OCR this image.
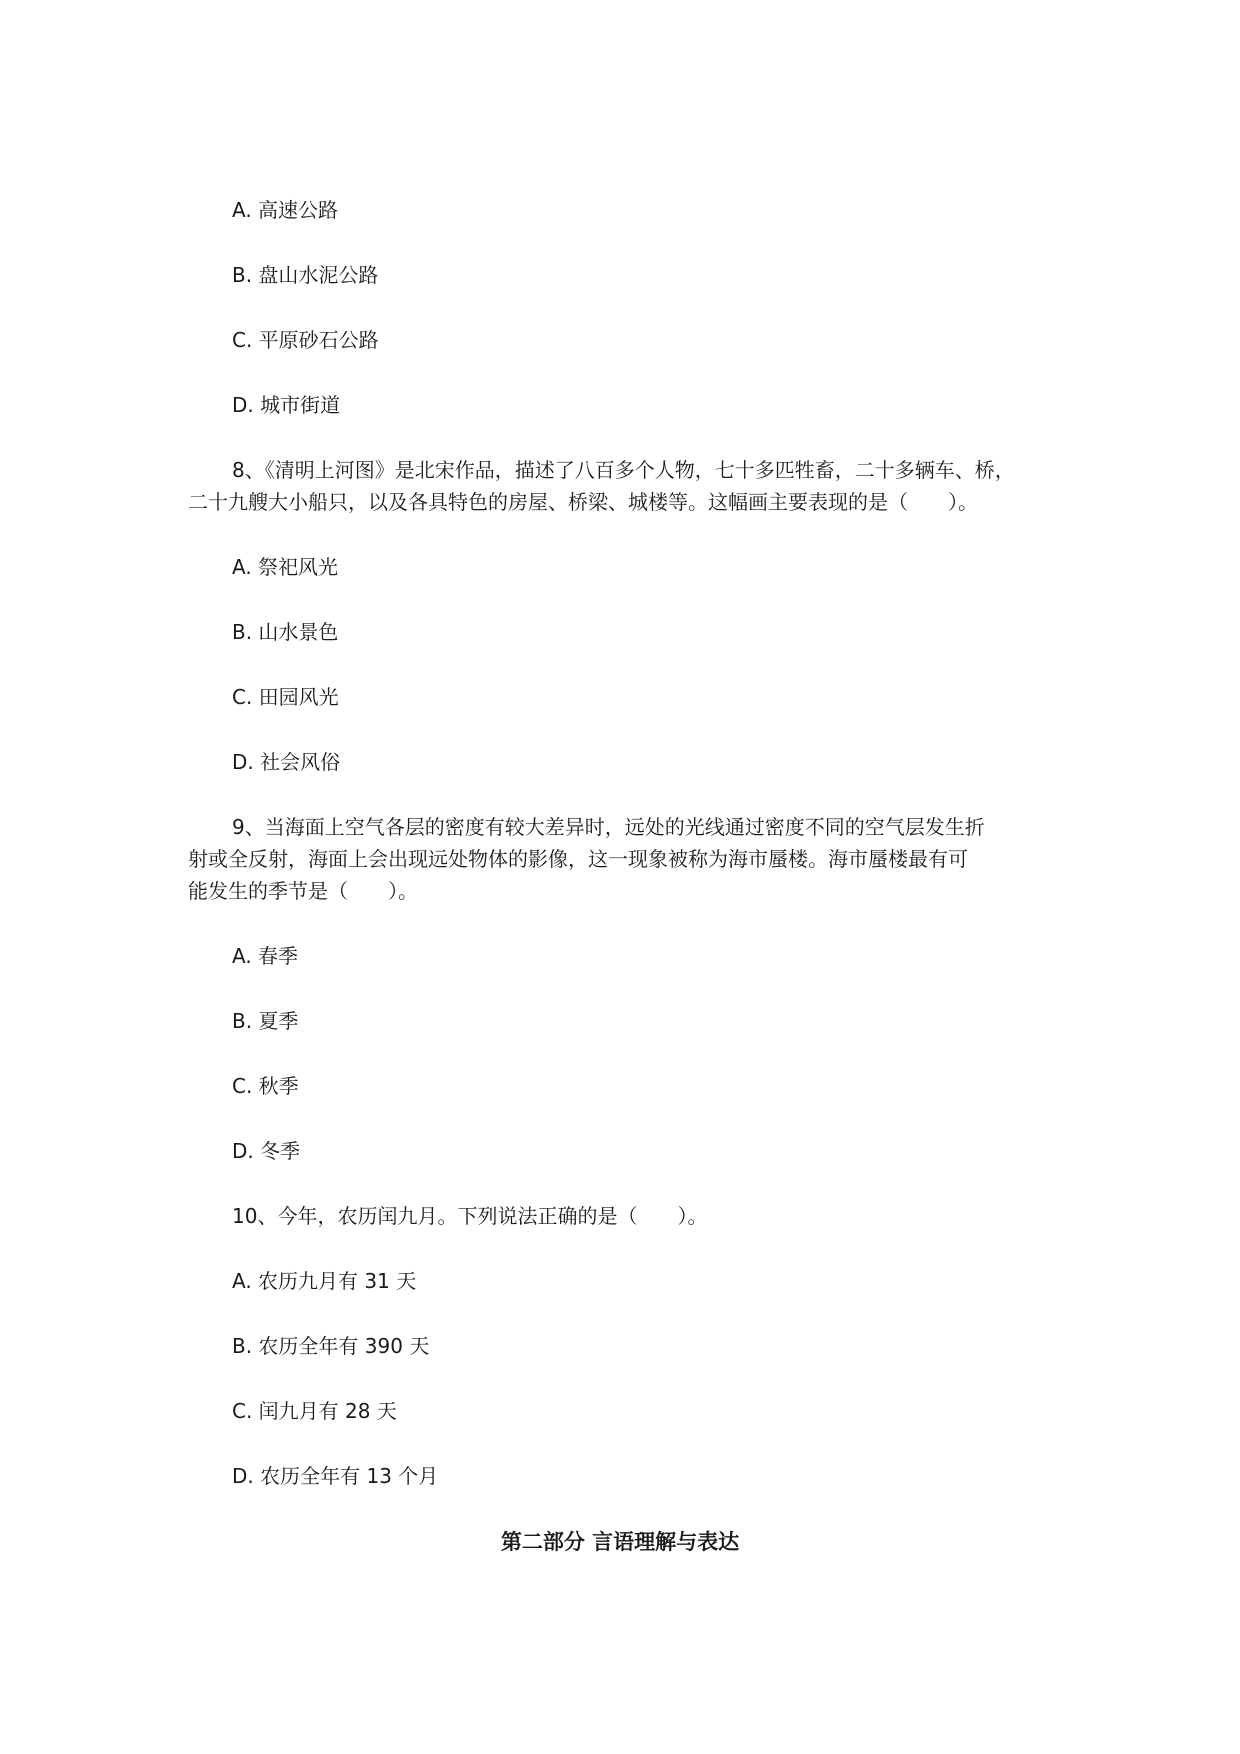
A. 高速公路
B. 盘山水泥公路
C. 平原砂石公路
D. 城市街道
8、《清明上河图》是北宋作品，描述了八百多个人物，七十多匹牲畜，二十多辆车、桥，
二十九艘大小船只，以及各具特色的房屋、桥梁、城楼等。这幅画主要表现的是（　　）。
A. 祭祀风光
B. 山水景色
C. 田园风光
D. 社会风俗
9、当海面上空气各层的密度有较大差异时，远处的光线通过密度不同的空气层发生折
射或全反射，海面上会出现远处物体的影像，这一现象被称为海市蜃楼。海市蜃楼最有可
能发生的季节是（　　）。
A. 春季
B. 夏季
C. 秋季
D. 冬季
10、今年，农历闰九月。下列说法正确的是（　　）。
A. 农历九月有 31 天
B. 农历全年有 390 天
C. 闰九月有 28 天
D. 农历全年有 13 个月
第二部分 言语理解与表达
